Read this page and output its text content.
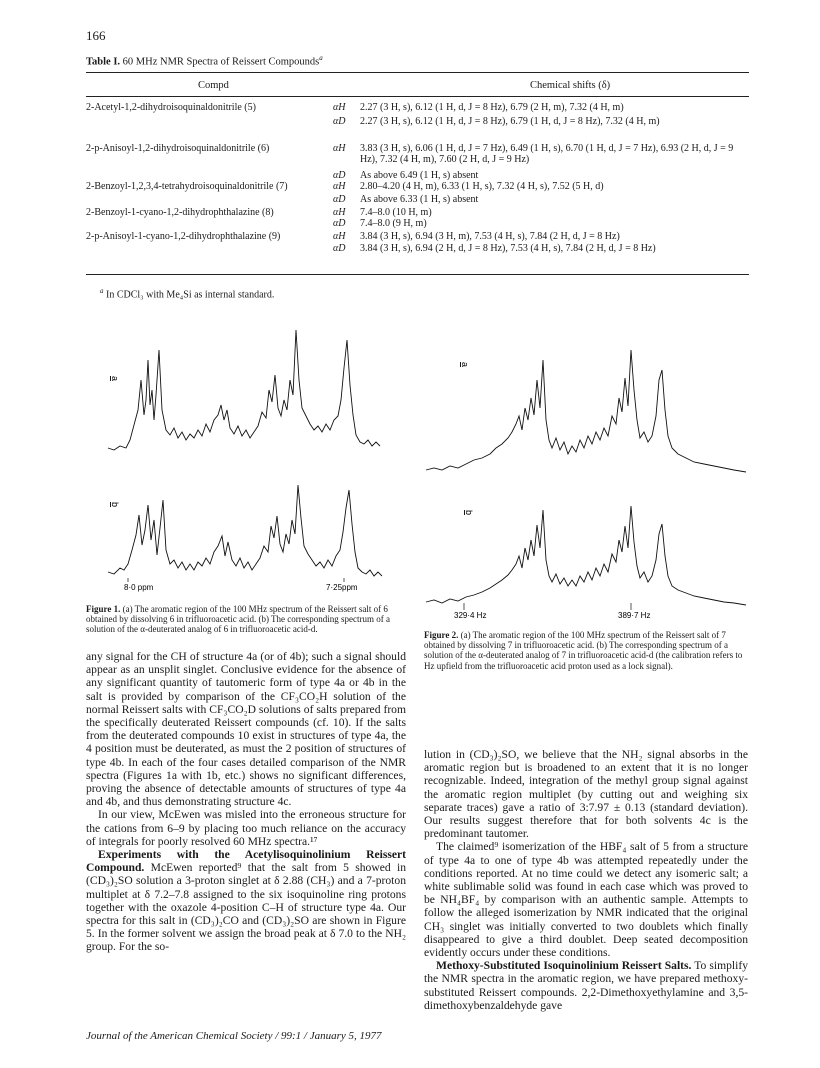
166
Table I. 60 MHz NMR Spectra of Reissert Compounds$^a$
Compd	Chemical shifts (δ)
2-Acetyl-1,2-dihydroisoquinaldonitrile (5)	αH	2.27 (3 H, s), 6.12 (1 H, d, J = 8 Hz), 6.79 (2 H, m), 7.32 (4 H, m)
αD	2.27 (3 H, s), 6.12 (1 H, d, J = 8 Hz), 6.79 (1 H, d, J = 8 Hz), 7.32 (4 H, m)
2-p-Anisoyl-1,2-dihydroisoquinaldonitrile (6)	αH	3.83 (3 H, s), 6.06 (1 H, d, J = 7 Hz), 6.49 (1 H, s), 6.70 (1 H, d, J = 7 Hz), 6.93 (2 H, d, J = 9 Hz), 7.32 (4 H, m), 7.60 (2 H, d, J = 9 Hz)
αD	As above 6.49 (1 H, s) absent
2-Benzoyl-1,2,3,4-tetrahydroisoquinaldonitrile (7)	αH	2.80–4.20 (4 H, m), 6.33 (1 H, s), 7.32 (4 H, s), 7.52 (5 H, d)
αD	As above 6.33 (1 H, s) absent
2-Benzoyl-1-cyano-1,2-dihydrophthalazine (8)	αH	7.4–8.0 (10 H, m)
αD	7.4–8.0 (9 H, m)
2-p-Anisoyl-1-cyano-1,2-dihydrophthalazine (9)	αH	3.84 (3 H, s), 6.94 (3 H, m), 7.53 (4 H, s), 7.84 (2 H, d, J = 8 Hz)
αD	3.84 (3 H, s), 6.94 (2 H, d, J = 8 Hz), 7.53 (4 H, s), 7.84 (2 H, d, J = 8 Hz)
$^a$ In CDCl₃ with Me₄Si as internal standard.
a
b
8·0 ppm	7·25ppm
Figure 1. (a) The aromatic region of the 100 MHz spectrum of the Reissert salt of 6 obtained by dissolving 6 in trifluoroacetic acid. (b) The corresponding spectrum of a solution of the α-deuterated analog of 6 in trifluoroacetic acid-d.
a
b
329·4 Hz	389·7 Hz
Figure 2. (a) The aromatic region of the 100 MHz spectrum of the Reissert salt of 7 obtained by dissolving 7 in trifluoroacetic acid. (b) The corresponding spectrum of a solution of the α-deuterated analog of 7 in trifluoroacetic acid-d (the calibration refers to Hz upfield from the trifluoroacetic acid proton used as a lock signal).

any signal for the CH of structure 4a (or of 4b); such a signal should appear as an unsplit singlet. Conclusive evidence for the absence of any significant quantity of tautomeric form of type 4a or 4b in the salt is provided by comparison of the CF₃CO₂H solution of the normal Reissert salts with CF₃CO₂D solutions of salts prepared from the specifically deuterated Reissert compounds (cf. 10). If the salts from the deuterated compounds 10 exist in structures of type 4a, the 4 position must be deuterated, as must the 2 position of structures of type 4b. In each of the four cases detailed comparison of the NMR spectra (Figures 1a with 1b, etc.) shows no significant differences, proving the absence of detectable amounts of structures of type 4a and 4b, and thus demonstrating structure 4c.

In our view, McEwen was misled into the erroneous structure for the cations from 6–9 by placing too much reliance on the accuracy of integrals for poorly resolved 60 MHz spectra.¹⁷

Experiments with the Acetylisoquinolinium Reissert Compound. McEwen reported⁹ that the salt from 5 showed in (CD₃)₂SO solution a 3-proton singlet at δ 2.88 (CH₃) and a 7-proton multiplet at δ 7.2–7.8 assigned to the six isoquinoline ring protons together with the oxazole 4-position C–H of structure type 4a. Our spectra for this salt in (CD₃)₂CO and (CD₃)₂SO are shown in Figure 5. In the former solvent we assign the broad peak at δ 7.0 to the NH₂ group. For the so-

lution in (CD₃)₂SO, we believe that the NH₂ signal absorbs in the aromatic region but is broadened to an extent that it is no longer recognizable. Indeed, integration of the methyl group signal against the aromatic region multiplet (by cutting out and weighing six separate traces) gave a ratio of 3:7.97 ± 0.13 (standard deviation). Our results suggest therefore that for both solvents 4c is the predominant tautomer.

The claimed⁹ isomerization of the HBF₄ salt of 5 from a structure of type 4a to one of type 4b was attempted repeatedly under the conditions reported. At no time could we detect any isomeric salt; a white sublimable solid was found in each case which was proved to be NH₄BF₄ by comparison with an authentic sample. Attempts to follow the alleged isomerization by NMR indicated that the original CH₃ singlet was initially converted to two doublets which finally disappeared to give a third doublet. Deep seated decomposition evidently occurs under these conditions.

Methoxy-Substituted Isoquinolinium Reissert Salts. To simplify the NMR spectra in the aromatic region, we have prepared methoxy-substituted Reissert compounds. 2,2-Dimethoxyethylamine and 3,5-dimethoxybenzaldehyde gave

Journal of the American Chemical Society / 99:1 / January 5, 1977
